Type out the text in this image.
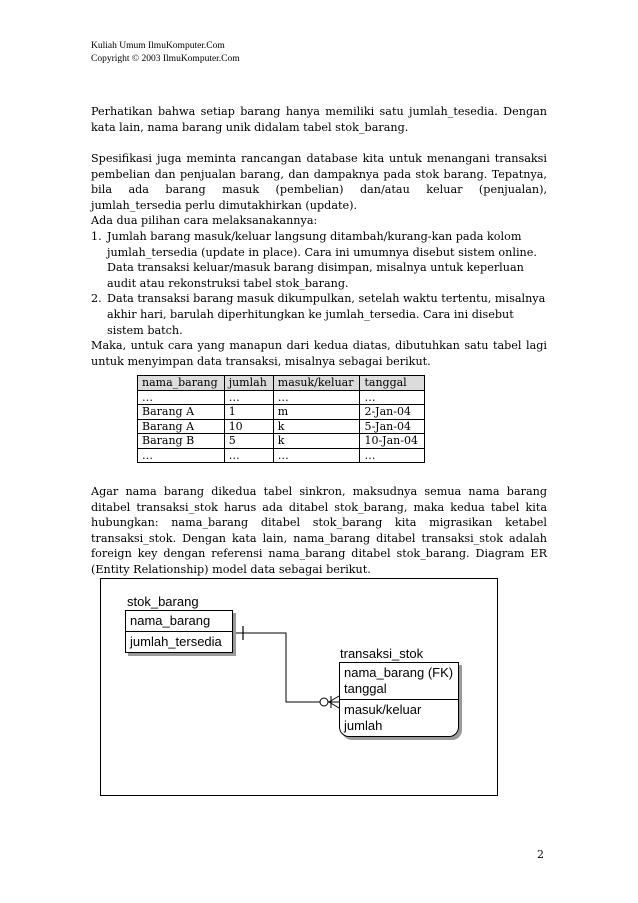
Kuliah Umum IlmuKomputer.Com
Copyright © 2003 IlmuKomputer.Com
Perhatikan bahwa setiap barang hanya memiliki satu jumlah_tesedia. Dengan kata lain, nama barang unik didalam tabel stok_barang.
Spesifikasi juga meminta rancangan database kita untuk menangani transaksi pembelian dan penjualan barang, dan dampaknya pada stok barang. Tepatnya, bila ada barang masuk (pembelian) dan/atau keluar (penjualan), jumlah_tersedia perlu dimutakhirkan (update).
Ada dua pilihan cara melaksanakannya:
1. Jumlah barang masuk/keluar langsung ditambah/kurang-kan pada kolom jumlah_tersedia (update in place). Cara ini umumnya disebut sistem online. Data transaksi keluar/masuk barang disimpan, misalnya untuk keperluan audit atau rekonstruksi tabel stok_barang.
2. Data transaksi barang masuk dikumpulkan, setelah waktu tertentu, misalnya akhir hari, barulah diperhitungkan ke jumlah_tersedia. Cara ini disebut sistem batch.
Maka, untuk cara yang manapun dari kedua diatas, dibutuhkan satu tabel lagi untuk menyimpan data transaksi, misalnya sebagai berikut.
nama_barang	jumlah	masuk/keluar	tanggal
…	…	…	…
Barang A	1	m	2-Jan-04
Barang A	10	k	5-Jan-04
Barang B	5	k	10-Jan-04
…	…	…	…
Agar nama barang dikedua tabel sinkron, maksudnya semua nama barang ditabel transaksi_stok harus ada ditabel stok_barang, maka kedua tabel kita hubungkan: nama_barang ditabel stok_barang kita migrasikan ketabel transaksi_stok. Dengan kata lain, nama_barang ditabel transaksi_stok adalah foreign key dengan referensi nama_barang ditabel stok_barang. Diagram ER (Entity Relationship) model data sebagai berikut.
stok_barang
nama_barang
jumlah_tersedia
transaksi_stok
nama_barang (FK)
tanggal
masuk/keluar
jumlah
2
